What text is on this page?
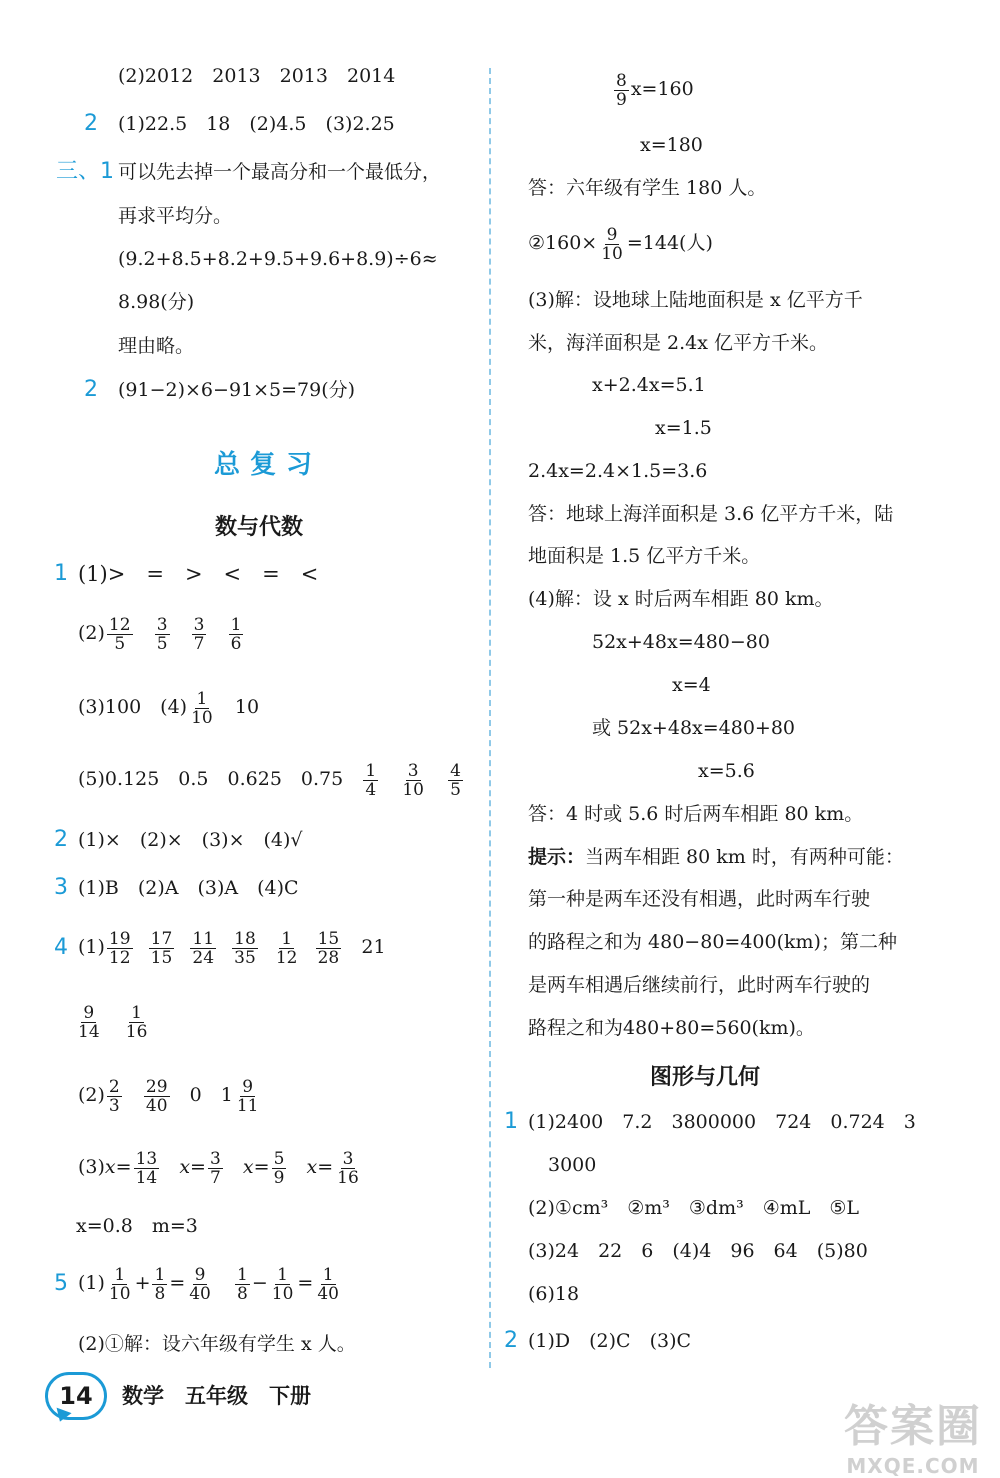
(2)2012　2013　2013　2014
2 (1)22.5　18　(2)4.5　(3)2.25
三、1 可以先去掉一个最高分和一个最低分，
再求平均分。
(9.2+8.5+8.2+9.5+9.6+8.9)÷6≈
8.98(分)
理由略。
2 (91−2)×6−91×5=79(分)
总复习
数与代数
1 (1)>　=　>　<　=　<
$(2) \frac{12}{5}$
$\frac{3}{5}$
$\frac{3}{7}$
$\frac{1}{6}$
(3)100　$(4) \frac{1}{10} 10$
(5)0.125　0.5　0.625　$0.75 \frac{1}{4}$
$\frac{3}{10}$
$\frac{4}{5}$
2 (1)×　(2)×　(3)×　(4)√
3 (1)B　(2)A　(3)A　(4)C
4 $(1) \frac{19}{12}$
$\frac{17}{15}$
$\frac{11}{24}$
$\frac{18}{35}$
$\frac{1}{12}$
$\frac{15}{28} 21$
$\frac{9}{14}$
$\frac{1}{16}$
$(2) \frac{2}{3}$
$\frac{29}{40} 0$　$1 \frac{9}{11}$
$(3)x= \frac{13}{14} x= \frac{3}{7} x= \frac{5}{9} x= \frac{3}{16}$
x=0.8　m=3
5 $(1) \frac{1}{10} + \frac{1}{8} = \frac{9}{40}$
$\frac{1}{8} - \frac{1}{10} = \frac{1}{40}$
(2)①解：设六年级有学生 x 人。
$\frac{8}{9} x=160$
x=180
答：六年级有学生 180 人。
②160× $\frac{9}{10} =144$(人)
(3)解：设地球上陆地面积是 x 亿平方千
米，海洋面积是 2.4x 亿平方千米。
x+2.4x=5.1
x=1.5
2.4x=2.4×1.5=3.6
答：地球上海洋面积是 3.6 亿平方千米，陆
地面积是 1.5 亿平方千米。
(4)解：设 x 时后两车相距 80 km。
52x+48x=480−80
x=4
或 52x+48x=480+80
x=5.6
答：4 时或 5.6 时后两车相距 80 km。
提示：当两车相距 80 km 时，有两种可能：
第一种是两车还没有相遇，此时两车行驶
的路程之和为 480−80=400(km)；第二种
是两车相遇后继续前行，此时两车行驶的
路程之和为480+80=560(km)。
图形与几何
1 (1)2400　7.2　3800000　724　0.724　3
3000
(2)①cm³　②m³　③dm³　④mL　⑤L
(3)24　22　6　(4)4　96　64　(5)80
(6)18
2 (1)D　(2)C　(3)C
14	数学　五年级　下册
答案圈
MXQE.COM
